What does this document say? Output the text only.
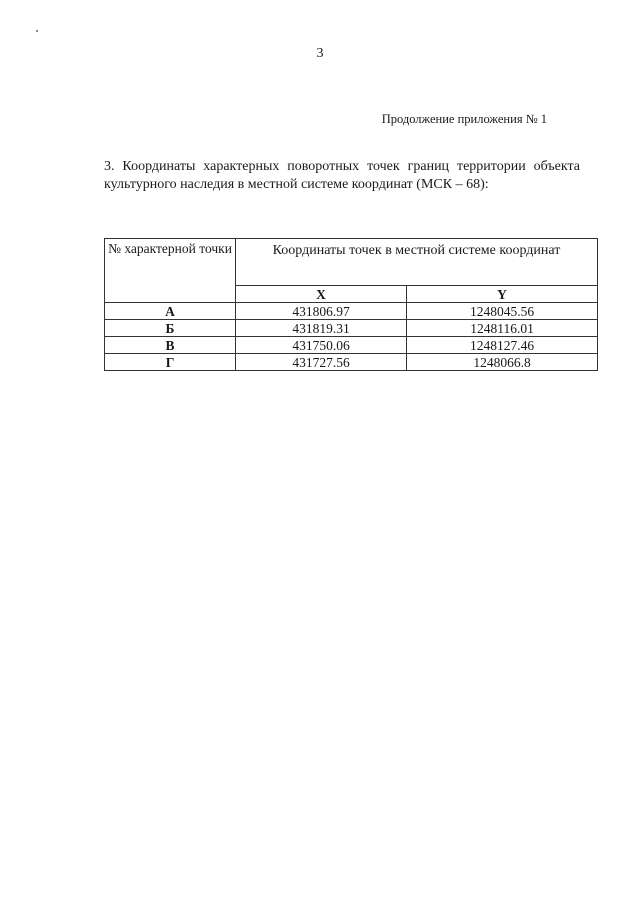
3
Продолжение приложения № 1
3. Координаты характерных поворотных точек границ территории объекта культурного наследия в местной системе координат (МСК – 68):
№ характерной точки	Координаты точек в местной системе координат	
	X	Y
А	431806.97	1248045.56
Б	431819.31	1248116.01
В	431750.06	1248127.46
Г	431727.56	1248066.8
